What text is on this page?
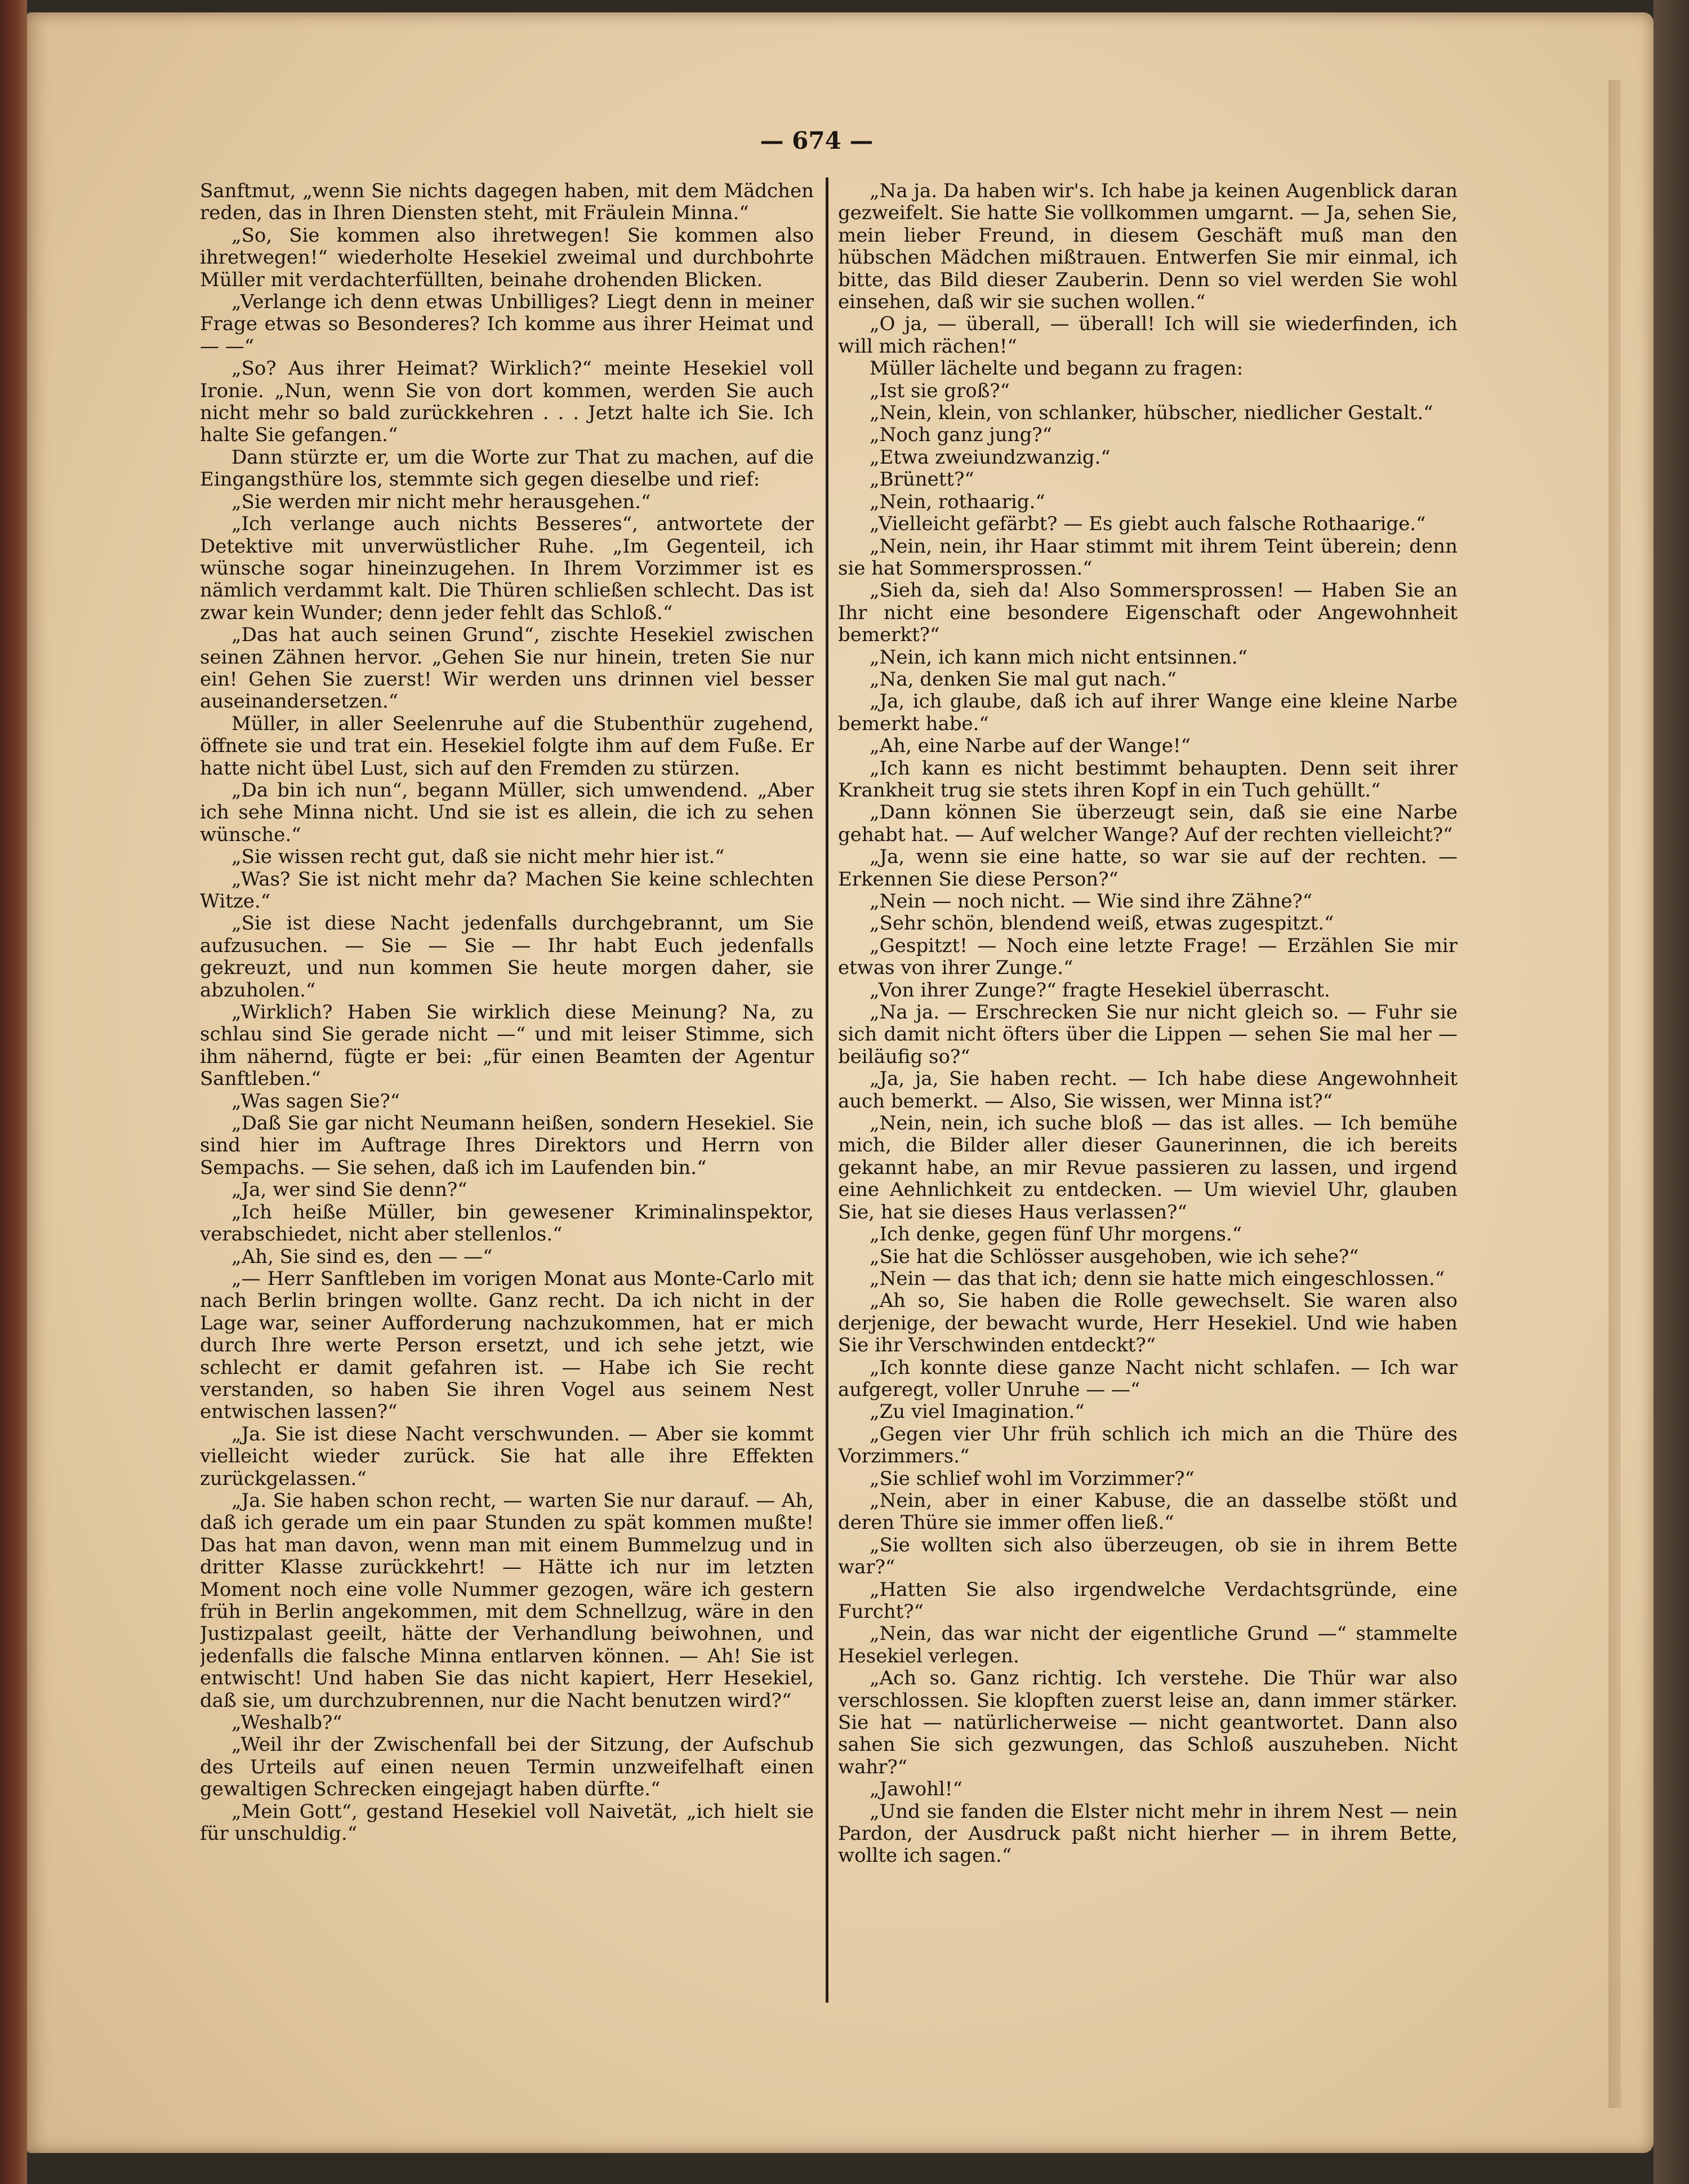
— 674 —

Sanftmut, „wenn Sie nichts dagegen haben, mit dem Mädchen reden, das in Ihren Diensten steht, mit Fräulein Minna.“

„So, Sie kommen also ihretwegen! Sie kommen also ihretwegen!“ wiederholte Hesekiel zweimal und durchbohrte Müller mit verdachterfüllten, beinahe drohenden Blicken.

„Verlange ich denn etwas Unbilliges? Liegt denn in meiner Frage etwas so Besonderes? Ich komme aus ihrer Heimat und — —“

„So? Aus ihrer Heimat? Wirklich?“ meinte Hesekiel voll Ironie. „Nun, wenn Sie von dort kommen, werden Sie auch nicht mehr so bald zurückkehren . . . Jetzt halte ich Sie. Ich halte Sie gefangen.“

Dann stürzte er, um die Worte zur That zu machen, auf die Eingangsthüre los, stemmte sich gegen dieselbe und rief:

„Sie werden mir nicht mehr herausgehen.“

„Ich verlange auch nichts Besseres“, antwortete der Detektive mit unverwüstlicher Ruhe. „Im Gegenteil, ich wünsche sogar hineinzugehen. In Ihrem Vorzimmer ist es nämlich verdammt kalt. Die Thüren schließen schlecht. Das ist zwar kein Wunder; denn jeder fehlt das Schloß.“

„Das hat auch seinen Grund“, zischte Hesekiel zwischen seinen Zähnen hervor. „Gehen Sie nur hinein, treten Sie nur ein! Gehen Sie zuerst! Wir werden uns drinnen viel besser auseinandersetzen.“

Müller, in aller Seelenruhe auf die Stubenthür zugehend, öffnete sie und trat ein. Hesekiel folgte ihm auf dem Fuße. Er hatte nicht übel Lust, sich auf den Fremden zu stürzen.

„Da bin ich nun“, begann Müller, sich umwendend. „Aber ich sehe Minna nicht. Und sie ist es allein, die ich zu sehen wünsche.“

„Sie wissen recht gut, daß sie nicht mehr hier ist.“

„Was? Sie ist nicht mehr da? Machen Sie keine schlechten Witze.“

„Sie ist diese Nacht jedenfalls durchgebrannt, um Sie aufzusuchen. — Sie — Sie — Ihr habt Euch jedenfalls gekreuzt, und nun kommen Sie heute morgen daher, sie abzuholen.“

„Wirklich? Haben Sie wirklich diese Meinung? Na, zu schlau sind Sie gerade nicht —“ und mit leiser Stimme, sich ihm nähernd, fügte er bei: „für einen Beamten der Agentur Sanftleben.“

„Was sagen Sie?“

„Daß Sie gar nicht Neumann heißen, sondern Hesekiel. Sie sind hier im Auftrage Ihres Direktors und Herrn von Sempachs. — Sie sehen, daß ich im Laufenden bin.“

„Ja, wer sind Sie denn?“

„Ich heiße Müller, bin gewesener Kriminalinspektor, verabschiedet, nicht aber stellenlos.“

„Ah, Sie sind es, den — —“

„— Herr Sanftleben im vorigen Monat aus Monte-Carlo mit nach Berlin bringen wollte. Ganz recht. Da ich nicht in der Lage war, seiner Aufforderung nachzukommen, hat er mich durch Ihre werte Person ersetzt, und ich sehe jetzt, wie schlecht er damit gefahren ist. — Habe ich Sie recht verstanden, so haben Sie ihren Vogel aus seinem Nest entwischen lassen?“

„Ja. Sie ist diese Nacht verschwunden. — Aber sie kommt vielleicht wieder zurück. Sie hat alle ihre Effekten zurückgelassen.“

„Ja. Sie haben schon recht, — warten Sie nur darauf. — Ah, daß ich gerade um ein paar Stunden zu spät kommen mußte! Das hat man davon, wenn man mit einem Bummelzug und in dritter Klasse zurückkehrt! — Hätte ich nur im letzten Moment noch eine volle Nummer gezogen, wäre ich gestern früh in Berlin angekommen, mit dem Schnellzug, wäre in den Justizpalast geeilt, hätte der Verhandlung beiwohnen, und jedenfalls die falsche Minna entlarven können. — Ah! Sie ist entwischt! Und haben Sie das nicht kapiert, Herr Hesekiel, daß sie, um durchzubrennen, nur die Nacht benutzen wird?“

„Weshalb?“

„Weil ihr der Zwischenfall bei der Sitzung, der Aufschub des Urteils auf einen neuen Termin unzweifelhaft einen gewaltigen Schrecken eingejagt haben dürfte.“

„Mein Gott“, gestand Hesekiel voll Naivetät, „ich hielt sie für unschuldig.“

„Na ja. Da haben wir's. Ich habe ja keinen Augenblick daran gezweifelt. Sie hatte Sie vollkommen umgarnt. — Ja, sehen Sie, mein lieber Freund, in diesem Geschäft muß man den hübschen Mädchen mißtrauen. Entwerfen Sie mir einmal, ich bitte, das Bild dieser Zauberin. Denn so viel werden Sie wohl einsehen, daß wir sie suchen wollen.“

„O ja, — überall, — überall! Ich will sie wiederfinden, ich will mich rächen!“

Müller lächelte und begann zu fragen:

„Ist sie groß?“

„Nein, klein, von schlanker, hübscher, niedlicher Gestalt.“

„Noch ganz jung?“

„Etwa zweiundzwanzig.“

„Brünett?“

„Nein, rothaarig.“

„Vielleicht gefärbt? — Es giebt auch falsche Rothaarige.“

„Nein, nein, ihr Haar stimmt mit ihrem Teint überein; denn sie hat Sommersprossen.“

„Sieh da, sieh da! Also Sommersprossen! — Haben Sie an Ihr nicht eine besondere Eigenschaft oder Angewohnheit bemerkt?“

„Nein, ich kann mich nicht entsinnen.“

„Na, denken Sie mal gut nach.“

„Ja, ich glaube, daß ich auf ihrer Wange eine kleine Narbe bemerkt habe.“

„Ah, eine Narbe auf der Wange!“

„Ich kann es nicht bestimmt behaupten. Denn seit ihrer Krankheit trug sie stets ihren Kopf in ein Tuch gehüllt.“

„Dann können Sie überzeugt sein, daß sie eine Narbe gehabt hat. — Auf welcher Wange? Auf der rechten vielleicht?“

„Ja, wenn sie eine hatte, so war sie auf der rechten. — Erkennen Sie diese Person?“

„Nein — noch nicht. — Wie sind ihre Zähne?“

„Sehr schön, blendend weiß, etwas zugespitzt.“

„Gespitzt! — Noch eine letzte Frage! — Erzählen Sie mir etwas von ihrer Zunge.“

„Von ihrer Zunge?“ fragte Hesekiel überrascht.

„Na ja. — Erschrecken Sie nur nicht gleich so. — Fuhr sie sich damit nicht öfters über die Lippen — sehen Sie mal her — beiläufig so?“

„Ja, ja, Sie haben recht. — Ich habe diese Angewohnheit auch bemerkt. — Also, Sie wissen, wer Minna ist?“

„Nein, nein, ich suche bloß — das ist alles. — Ich bemühe mich, die Bilder aller dieser Gaunerinnen, die ich bereits gekannt habe, an mir Revue passieren zu lassen, und irgend eine Aehnlichkeit zu entdecken. — Um wieviel Uhr, glauben Sie, hat sie dieses Haus verlassen?“

„Ich denke, gegen fünf Uhr morgens.“

„Sie hat die Schlösser ausgehoben, wie ich sehe?“

„Nein — das that ich; denn sie hatte mich eingeschlossen.“

„Ah so, Sie haben die Rolle gewechselt. Sie waren also derjenige, der bewacht wurde, Herr Hesekiel. Und wie haben Sie ihr Verschwinden entdeckt?“

„Ich konnte diese ganze Nacht nicht schlafen. — Ich war aufgeregt, voller Unruhe — —“

„Zu viel Imagination.“

„Gegen vier Uhr früh schlich ich mich an die Thüre des Vorzimmers.“

„Sie schlief wohl im Vorzimmer?“

„Nein, aber in einer Kabuse, die an dasselbe stößt und deren Thüre sie immer offen ließ.“

„Sie wollten sich also überzeugen, ob sie in ihrem Bette war?“

„Hatten Sie also irgendwelche Verdachtsgründe, eine Furcht?“

„Nein, das war nicht der eigentliche Grund —“ stammelte Hesekiel verlegen.

„Ach so. Ganz richtig. Ich verstehe. Die Thür war also verschlossen. Sie klopften zuerst leise an, dann immer stärker. Sie hat — natürlicherweise — nicht geantwortet. Dann also sahen Sie sich gezwungen, das Schloß auszuheben. Nicht wahr?“

„Jawohl!“

„Und sie fanden die Elster nicht mehr in ihrem Nest — nein Pardon, der Ausdruck paßt nicht hierher — in ihrem Bette, wollte ich sagen.“
